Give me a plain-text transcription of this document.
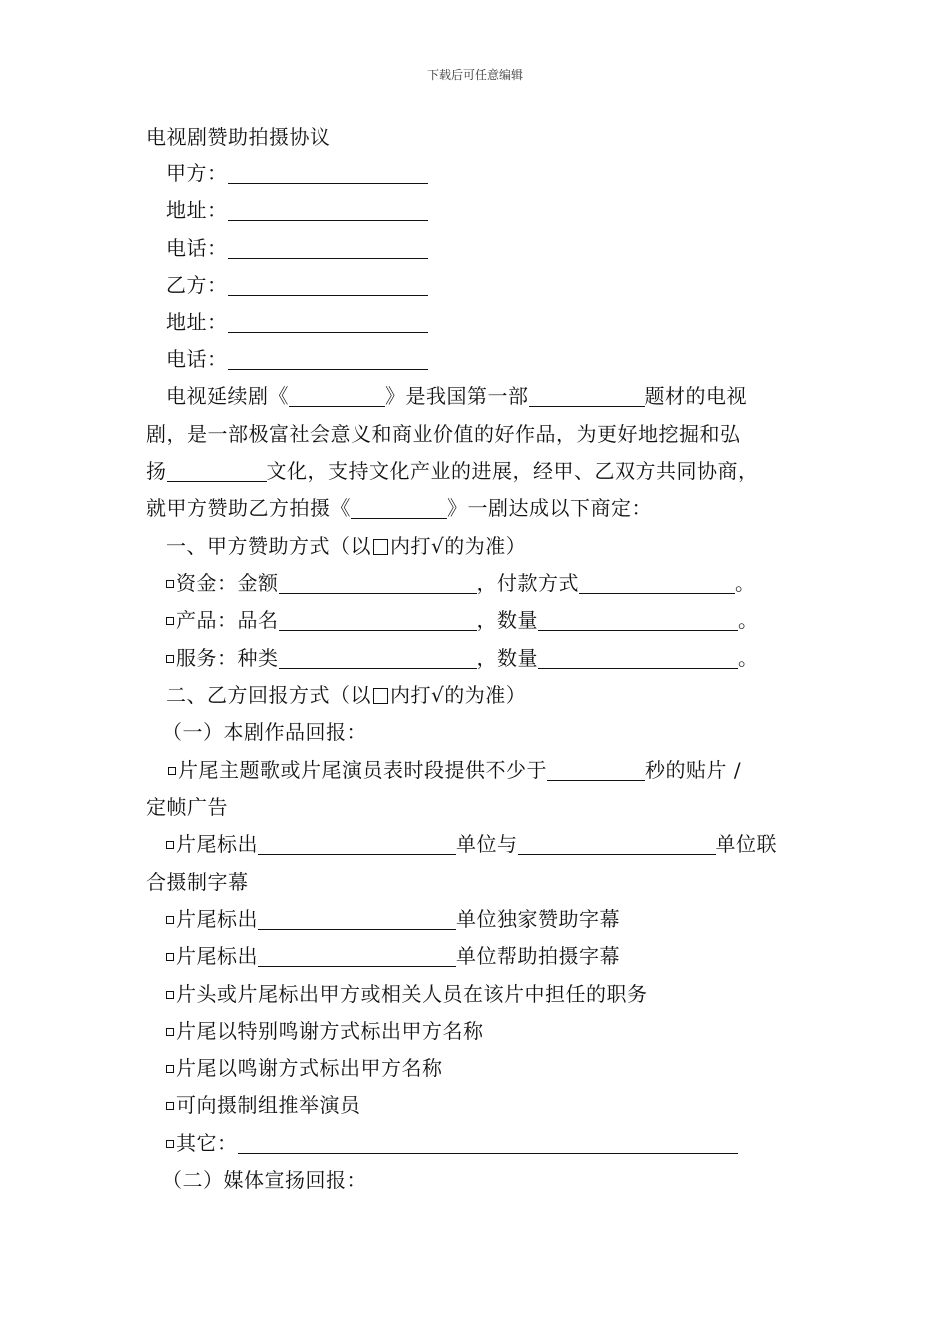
下载后可任意编辑
电视剧赞助拍摄协议
甲方：
地址：
电话：
乙方：
地址：
电话：
电视延续剧《	》是我国第一部	题材的电视
剧，是一部极富社会意义和商业价值的好作品，为更好地挖掘和弘
扬	文化，支持文化产业的进展，经甲、乙双方共同协商，
就甲方赞助乙方拍摄《	》一剧达成以下商定：
一、甲方赞助方式（以 内打√的为准）
资金：金额	，付款方式	。
产品：品名	，数量	。
服务：种类	，数量	。
二、乙方回报方式（以 内打√的为准）
（一）本剧作品回报：
片尾主题歌或片尾演员表时段提供不少于	秒的贴片 /
定帧广告
片尾标出	单位与	单位联
合摄制字幕
片尾标出	单位独家赞助字幕
片尾标出	单位帮助拍摄字幕
片头或片尾标出甲方或相关人员在该片中担任的职务
片尾以特别鸣谢方式标出甲方名称
片尾以鸣谢方式标出甲方名称
可向摄制组推举演员
其它：
（二）媒体宣扬回报：
